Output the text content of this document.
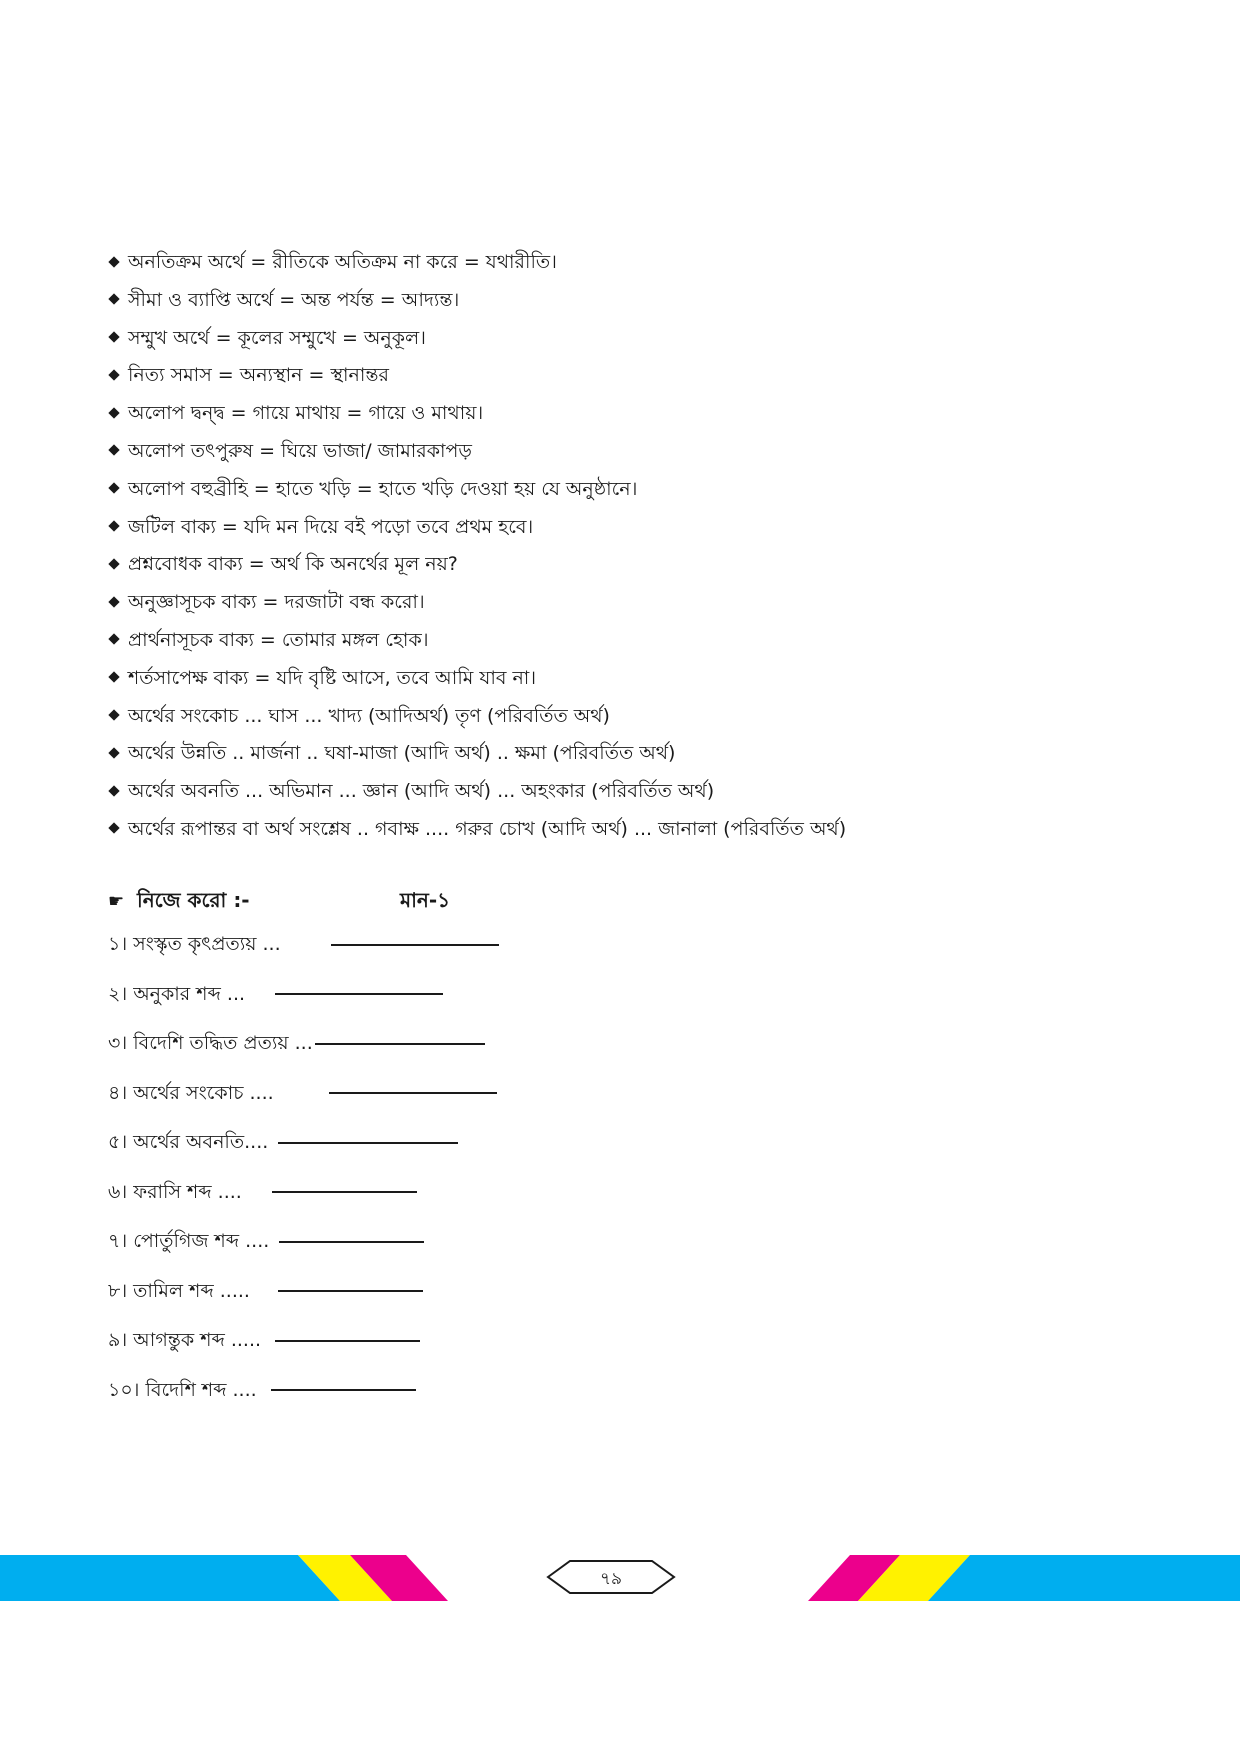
অনতিক্রম অর্থে = রীতিকে অতিক্রম না করে = যথারীতি।
সীমা ও ব্যাপ্তি অর্থে = অন্ত পর্যন্ত = আদ্যন্ত।
সম্মুখ অর্থে = কূলের সম্মুখে = অনুকূল।
নিত্য সমাস = অন্যস্থান = স্থানান্তর
অলোপ দ্বন্দ্ব = গায়ে মাথায় = গায়ে ও মাথায়।
অলোপ তৎপুরুষ = ঘিয়ে ভাজা/ জামারকাপড়
অলোপ বহুব্রীহি = হাতে খড়ি = হাতে খড়ি দেওয়া হয় যে অনুষ্ঠানে।
জটিল বাক্য = যদি মন দিয়ে বই পড়ো তবে প্রথম হবে।
প্রশ্নবোধক বাক্য = অর্থ কি অনর্থের মূল নয়?
অনুজ্ঞাসূচক বাক্য = দরজাটা বন্ধ করো।
প্রার্থনাসূচক বাক্য = তোমার মঙ্গল হোক।
শর্তসাপেক্ষ বাক্য = যদি বৃষ্টি আসে, তবে আমি যাব না।
অর্থের সংকোচ ... ঘাস ... খাদ্য (আদিঅর্থ) তৃণ (পরিবর্তিত অর্থ)
অর্থের উন্নতি .. মার্জনা .. ঘষা-মাজা (আদি অর্থ) .. ক্ষমা (পরিবর্তিত অর্থ)
অর্থের অবনতি ... অভিমান ... জ্ঞান (আদি অর্থ) ... অহংকার (পরিবর্তিত অর্থ)
অর্থের রূপান্তর বা অর্থ সংশ্লেষ .. গবাক্ষ .... গরুর চোখ (আদি অর্থ) ... জানালা (পরিবর্তিত অর্থ)
☛ নিজে করো :-	মান-১
১। সংস্কৃত কৃৎপ্রত্যয় ...
২। অনুকার শব্দ ...
৩। বিদেশি তদ্ধিত প্রত্যয় ...
৪। অর্থের সংকোচ ....
৫। অর্থের অবনতি....
৬। ফরাসি শব্দ ....
৭। পোর্তুগিজ শব্দ ....
৮। তামিল শব্দ .....
৯। আগন্তুক শব্দ .....
১০। বিদেশি শব্দ ....
৭৯
